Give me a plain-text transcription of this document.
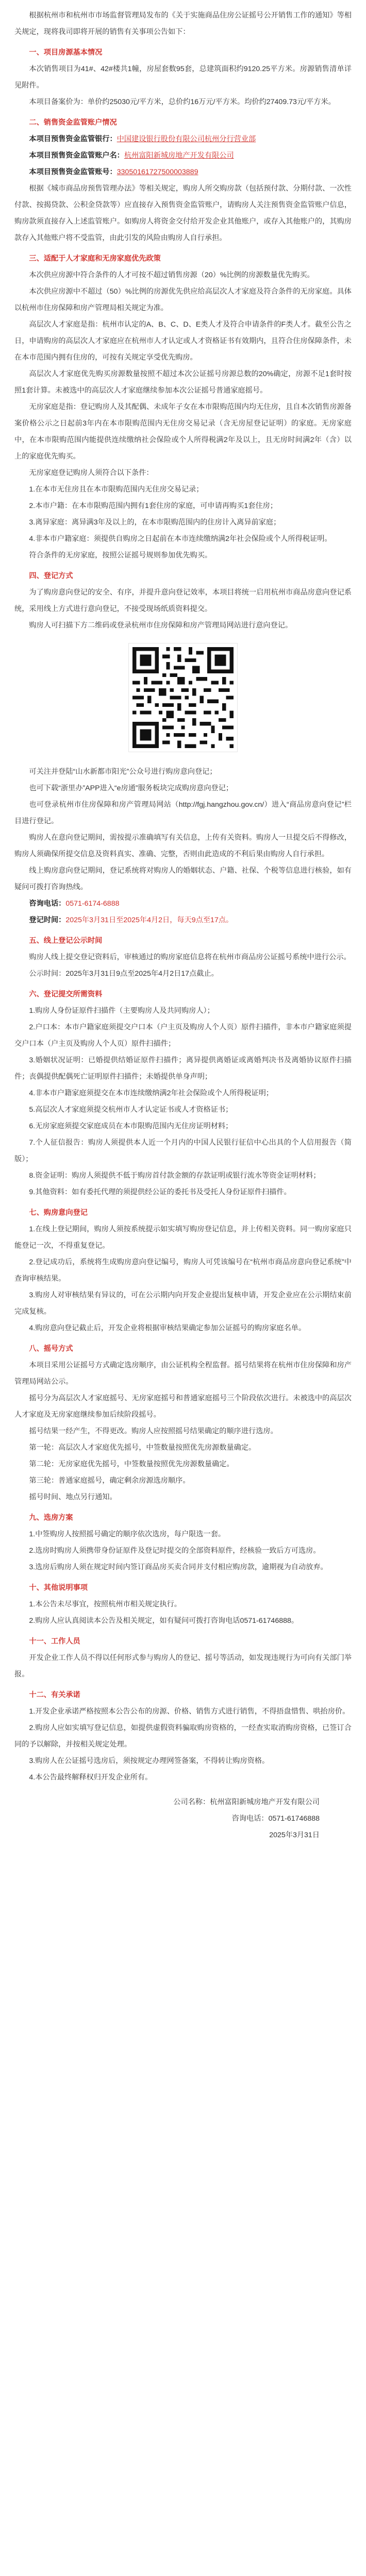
根据杭州市和杭州市市场监督管理局发布的《关于实施商品住房公证摇号公开销售工作的通知》等相关规定，现将我司即将开展的销售有关事项公告如下：

一、项目房源基本情况

本次销售项目为41#、42#楼共1幢，房屋套数95套，总建筑面积约9120.25平方米。房源销售清单详见附件。

本项目备案价为：单价约25030元/平方米，总价约16万元/平方米。均价约27409.73元/平方米。

二、销售资金监管账户情况

本项目预售资金监管银行：中国建设银行股份有限公司杭州分行营业部

本项目预售资金监管账户名：杭州富阳新城房地产开发有限公司

本项目预售资金监管账号：33050161727500003889

根据《城市商品房预售管理办法》等相关规定，购房人所交购房款（包括预付款、分期付款、一次性付款、按揭贷款、公积金贷款等）应直接存入预售资金监管账户，请购房人关注预售资金监管账户信息，购房款须直接存入上述监管账户。如购房人将资金交付给开发企业其他账户，或存入其他账户的，其购房款存入其他账户将不受监管，由此引发的风险由购房人自行承担。

三、适配于人才家庭和无房家庭优先政策

本次供应房源中符合条件的人才可按不超过销售房源（20）%比例的房源数量优先购买。

本次供应房源中不超过（50）%比例的房源优先供应给高层次人才家庭及符合条件的无房家庭。具体以杭州市住房保障和房产管理局相关规定为准。

高层次人才家庭是指：杭州市认定的A、B、C、D、E类人才及符合申请条件的F类人才。截至公告之日，申请购房的高层次人才家庭应在杭州市人才认定或人才资格证书有效期内，且符合住房保障条件，未在本市范围内拥有住房的，可按有关规定享受优先购房。

高层次人才家庭优先购买房源数量按照不超过本次公证摇号房源总数的20%确定，房源不足1套时按照1套计算。未被选中的高层次人才家庭继续参加本次公证摇号普通家庭摇号。

无房家庭是指：登记购房人及其配偶、未成年子女在本市限购范围内均无住房，且自本次销售房源备案价格公示之日起前3年内在本市限购范围内无住房交易记录（含无房屋登记证明）的家庭。无房家庭中，在本市限购范围内能提供连续缴纳社会保险或个人所得税满2年及以上，且无房时间满2年（含）以上的家庭优先购买。

无房家庭登记购房人须符合以下条件：

1.在本市无住房且在本市限购范围内无住房交易记录；

2.本市户籍：在本市限购范围内拥有1套住房的家庭，可申请再购买1套住房；

3.离异家庭：离异满3年及以上的，在本市限购范围内的住房计入离异前家庭；

4.非本市户籍家庭：须提供自购房之日起前在本市连续缴纳满2年社会保险或个人所得税证明。

符合条件的无房家庭，按照公证摇号规则参加优先购买。

四、登记方式

为了购房意向登记的安全、有序，并提升意向登记效率，本项目将统一启用杭州市商品房意向登记系统，采用线上方式进行意向登记，不接受现场纸质资料提交。

购房人可扫描下方二维码或登录杭州市住房保障和房产管理局网站进行意向登记。

可关注并登陆“山水新都市阳光”公众号进行购房意向登记；

也可下载“浙里办”APP进入“e房通”服务板块完成购房意向登记；

也可登录杭州市住房保障和房产管理局网站（http://fgj.hangzhou.gov.cn/）进入“商品房意向登记”栏目进行登记。

购房人在意向登记期间，需按提示准确填写有关信息，上传有关资料。购房人一旦提交后不得修改，购房人须确保所提交信息及资料真实、准确、完整，否则由此造成的不利后果由购房人自行承担。

线上购房意向登记期间，登记系统将对购房人的婚姻状态、户籍、社保、个税等信息进行核验，如有疑问可拨打咨询热线。

咨询电话：0571-6174-6888

登记时间：2025年3月31日至2025年4月2日，每天9点至17点。

五、线上登记公示时间

购房人线上提交登记资料后，审核通过的购房家庭信息将在杭州市商品房公证摇号系统中进行公示。

公示时间：2025年3月31日9点至2025年4月2日17点截止。

六、登记提交所需资料

1.购房人身份证原件扫描件（主要购房人及共同购房人）；

2.户口本：本市户籍家庭须提交户口本（户主页及购房人个人页）原件扫描件，非本市户籍家庭须提交户口本（户主页及购房人个人页）原件扫描件；

3.婚姻状况证明：已婚提供结婚证原件扫描件；离异提供离婚证或离婚判决书及离婚协议原件扫描件；丧偶提供配偶死亡证明原件扫描件；未婚提供单身声明；

4.非本市户籍家庭须提交在本市连续缴纳满2年社会保险或个人所得税证明；

5.高层次人才家庭须提交杭州市人才认定证书或人才资格证书；

6.无房家庭须提交家庭成员在本市限购范围内无住房证明材料；

7.个人征信报告：购房人须提供本人近一个月内的中国人民银行征信中心出具的个人信用报告（简版）；

8.资金证明：购房人须提供不低于购房首付款金额的存款证明或银行流水等资金证明材料；

9.其他资料：如有委托代理的须提供经公证的委托书及受托人身份证原件扫描件。

七、购房意向登记

1.在线上登记期间，购房人须按系统提示如实填写购房登记信息，并上传相关资料。同一购房家庭只能登记一次，不得重复登记。

2.登记成功后，系统将生成购房意向登记编号，购房人可凭该编号在“杭州市商品房意向登记系统”中查询审核结果。

3.购房人对审核结果有异议的，可在公示期内向开发企业提出复核申请，开发企业应在公示期结束前完成复核。

4.购房意向登记截止后，开发企业将根据审核结果确定参加公证摇号的购房家庭名单。

八、摇号方式

本项目采用公证摇号方式确定选房顺序，由公证机构全程监督。摇号结果将在杭州市住房保障和房产管理局网站公示。

摇号分为高层次人才家庭摇号、无房家庭摇号和普通家庭摇号三个阶段依次进行。未被选中的高层次人才家庭及无房家庭继续参加后续阶段摇号。

摇号结果一经产生，不得更改。购房人应按照摇号结果确定的顺序进行选房。

第一轮：高层次人才家庭优先摇号，中签数量按照优先房源数量确定。

第二轮：无房家庭优先摇号，中签数量按照优先房源数量确定。

第三轮：普通家庭摇号，确定剩余房源选房顺序。

摇号时间、地点另行通知。

九、选房方案

1.中签购房人按照摇号确定的顺序依次选房，每户限选一套。

2.选房时购房人须携带身份证原件及登记时提交的全部资料原件，经核验一致后方可选房。

3.选房后购房人须在规定时间内签订商品房买卖合同并支付相应购房款，逾期视为自动放弃。

十、其他说明事项

1.本公告未尽事宜，按照杭州市相关规定执行。

2.购房人应认真阅读本公告及相关规定，如有疑问可拨打咨询电话0571-61746888。

十一、工作人员

开发企业工作人员不得以任何形式参与购房人的登记、摇号等活动，如发现违规行为可向有关部门举报。

十二、有关承诺

1.开发企业承诺严格按照本公告公布的房源、价格、销售方式进行销售，不得捂盘惜售、哄抬房价。

2.购房人应如实填写登记信息，如提供虚假资料骗取购房资格的，一经查实取消购房资格，已签订合同的予以解除，并按相关规定处理。

3.购房人在公证摇号选房后，须按规定办理网签备案，不得转让购房资格。

4.本公告最终解释权归开发企业所有。

公司名称：杭州富阳新城房地产开发有限公司

咨询电话：0571-61746888

2025年3月31日
